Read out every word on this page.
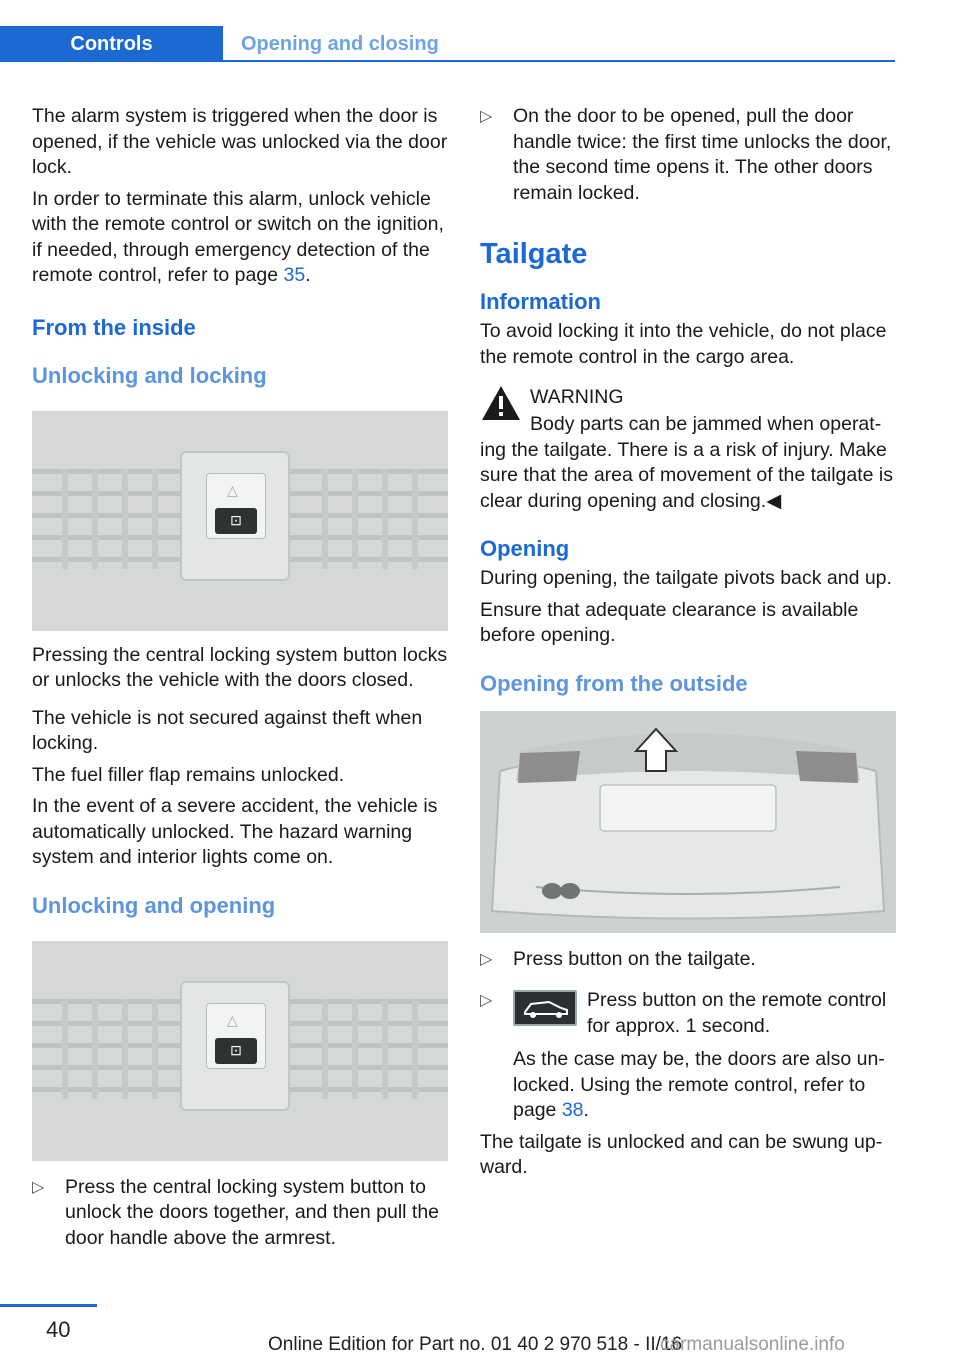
Controls	Opening and closing

The alarm system is triggered when the door is opened, if the vehicle was unlocked via the door lock.

In order to terminate this alarm, unlock vehicle with the remote control or switch on the ignition, if needed, through emergency detection of the remote control, refer to page 35.

From the inside
Unlocking and locking
△
⊡

Pressing the central locking system button locks or unlocks the vehicle with the doors closed.

The vehicle is not secured against theft when locking.

The fuel filler flap remains unlocked.

In the event of a severe accident, the vehicle is automatically unlocked. The hazard warning system and interior lights come on.

Unlocking and opening
△
⊡
▷	Press the central locking system button to unlock the doors together, and then pull the door handle above the armrest.
▷	On the door to be opened, pull the door handle twice: the first time unlocks the door, the second time opens it. The other doors remain locked.
Tailgate
Information

To avoid locking it into the vehicle, do not place the remote control in the cargo area.

WARNING

Body parts can be jammed when operating the tailgate. There is a a risk of injury. Make sure that the area of movement of the tailgate is clear during opening and closing.◀

Opening

During opening, the tailgate pivots back and up.

Ensure that adequate clearance is available before opening.

Opening from the outside
▷	Press button on the tailgate.
▷	Press button on the remote control for approx. 1 second.

As the case may be, the doors are also unlocked. Using the remote control, refer to page 38.

The tailgate is unlocked and can be swung upward.

40
Online Edition for Part no. 01 40 2 970 518 - II/16
carmanualsonline.info
